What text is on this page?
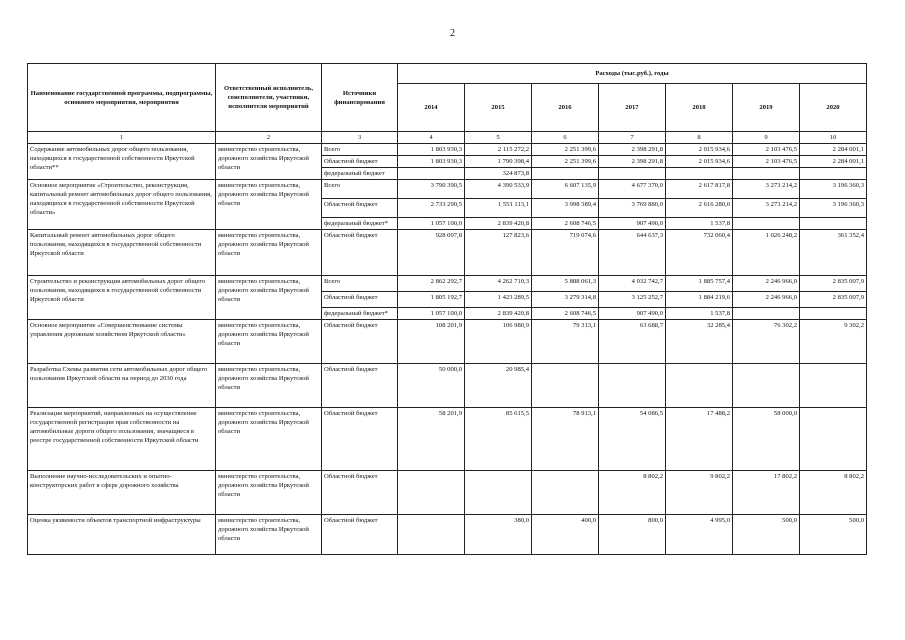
2
Наименование государственной программы, подпрограммы, основного мероприятия, мероприятия	Ответственный исполнитель, соисполнители, участники, исполнители мероприятий	Источники финансирования	Расходы (тыс.руб.), годы						
			2014	2015	2016	2017	2018	2019	2020
1	2	3	4	5	6	7	8	9	10
Содержание автомобильных дорог общего пользования, находящихся в государственной собственности Иркутской области**	министерство строительства, дорожного хозяйства Иркутской области	Всего	1 803 930,3	2 115 272,2	2 251 399,6	2 398 291,8	2 015 934,6	2 103 476,5	2 284 001,1
		Областной бюджет	1 803 930,3	1 790 398,4	2 251 399,6	2 398 291,8	2 015 934,6	2 103 476,5	2 284 001,1
		федеральный бюджет		324 873,8					
Основное мероприятие «Строительство, реконструкция, капитальный ремонт автомобильных дорог общего пользования, находящихся в государственной собственности Иркутской области»	министерство строительства, дорожного хозяйства Иркутской области	Всего	3 790 390,5	4 390 533,9	6 607 135,9	4 677 370,0	2 617 817,8	3 273 214,2	3 196 360,3
		Областной бюджет	2 733 290,5	1 551 113,1	3 998 389,4	3 769 880,0	2 616 280,0	3 273 214,2	3 196 360,3
		федеральный бюджет*	1 057 100,0	2 839 420,8	2 608 746,5	907 490,0	1 537,8		
Капитальный ремонт автомобильных дорог общего пользования, находящихся в государственной собственности Иркутской области	министерство строительства, дорожного хозяйства Иркутской области	Областной бюджет	928 097,8	127 823,6	719 074,6	644 637,3	732 060,4	1 026 248,2	361 352,4
Строительство и реконструкция автомобильных дорог общего пользования, находящихся в государственной собственности Иркутской области	министерство строительства, дорожного хозяйства Иркутской области	Всего	2 862 292,7	4 262 710,3	5 888 061,3	4 032 742,7	1 885 757,4	2 246 966,0	2 835 007,9
		Областной бюджет	1 805 192,7	1 423 289,5	3 279 314,8	3 125 252,7	1 884 219,6	2 246 966,0	2 835 007,9
		федеральный бюджет*	1 057 100,0	2 839 420,8	2 608 746,5	907 490,0	1 537,8		
Основное мероприятие «Совершенствование системы управления дорожным хозяйством Иркутской области»	министерство строительства, дорожного хозяйства Иркутской области	Областной бюджет	108 201,9	106 980,9	79 313,1	63 688,7	32 285,4	76 302,2	9 302,2
Разработка Схемы развития сети автомобильных дорог общего пользования Иркутской области на период до 2030 года	министерство строительства, дорожного хозяйства Иркутской области	Областной бюджет	50 000,0	20 985,4					
Реализация мероприятий, направленных на осуществление государственной регистрации прав собственности на автомобильные дороги общего пользования, значащиеся в реестре государственной собственности Иркутской области	министерство строительства, дорожного хозяйства Иркутской области	Областной бюджет	58 201,9	85 615,5	78 913,1	54 086,5	17 488,2	58 000,0	
Выполнение научно-исследовательских и опытно-конструкторских работ в сфере дорожного хозяйства	министерство строительства, дорожного хозяйства Иркутской области	Областной бюджет				8 802,2	9 802,2	17 802,2	8 802,2
Оценка уязвимости объектов транспортной инфраструктуры	министерство строительства, дорожного хозяйства Иркутской области	Областной бюджет		380,0	400,0	800,0	4 995,0	500,0	500,0
